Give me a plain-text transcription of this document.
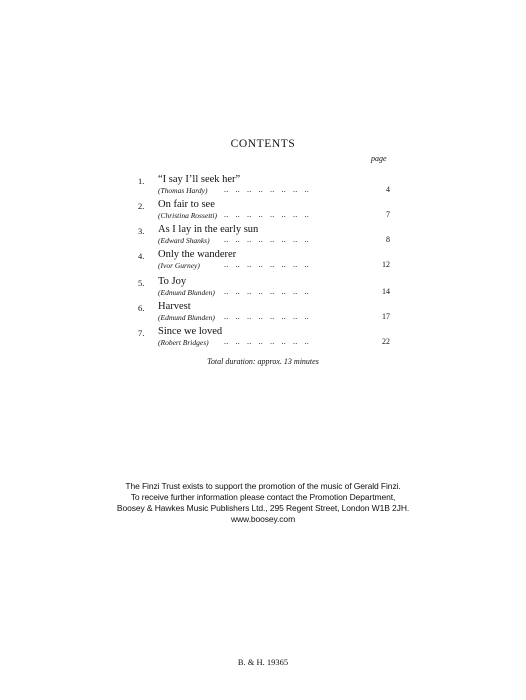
CONTENTS
page
1. “I say I’ll seek her”
(Thomas Hardy) ..   ..   ..   ..   ..   ..   ..   ..	4
2. On fair to see
(Christina Rossetti) ..   ..   ..   ..   ..   ..   ..   ..	7
3. As I lay in the early sun
(Edward Shanks) ..   ..   ..   ..   ..   ..   ..   ..	8
4. Only the wanderer
(Ivor Gurney)	..   ..   ..   ..   ..   ..   ..   ..	12
5. To Joy
(Edmund Blunden) ..   ..   ..   ..   ..   ..   ..   ..	14
6. Harvest
(Edmund Blunden) ..   ..   ..   ..   ..   ..   ..   ..	17
7. Since we loved
(Robert Bridges) ..   ..   ..   ..   ..   ..   ..   ..	22
Total duration: approx. 13 minutes
The Finzi Trust exists to support the promotion of the music of Gerald Finzi.
To receive further information please contact the Promotion Department,
Boosey & Hawkes Music Publishers Ltd., 295 Regent Street, London W1B 2JH.
www.boosey.com
B. & H. 19365
